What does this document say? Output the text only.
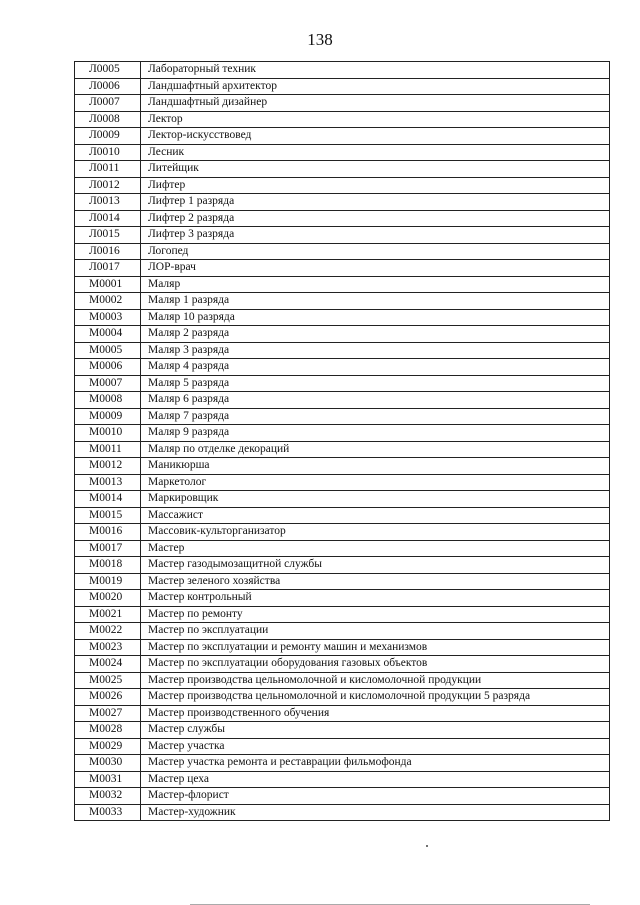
138
Л0005	Лабораторный техник
Л0006	Ландшафтный архитектор
Л0007	Ландшафтный дизайнер
Л0008	Лектор
Л0009	Лектор-искусствовед
Л0010	Лесник
Л0011	Литейщик
Л0012	Лифтер
Л0013	Лифтер 1 разряда
Л0014	Лифтер 2 разряда
Л0015	Лифтер 3 разряда
Л0016	Логопед
Л0017	ЛОР-врач
М0001	Маляр
М0002	Маляр 1 разряда
М0003	Маляр 10 разряда
М0004	Маляр 2 разряда
М0005	Маляр 3 разряда
М0006	Маляр 4 разряда
М0007	Маляр 5 разряда
М0008	Маляр 6 разряда
М0009	Маляр 7 разряда
М0010	Маляр 9 разряда
М0011	Маляр по отделке декораций
М0012	Маникюрша
М0013	Маркетолог
М0014	Маркировщик
М0015	Массажист
М0016	Массовик-культорганизатор
М0017	Мастер
М0018	Мастер газодымозащитной службы
М0019	Мастер зеленого хозяйства
М0020	Мастер контрольный
М0021	Мастер по ремонту
М0022	Мастер по эксплуатации
М0023	Мастер по эксплуатации и ремонту машин и механизмов
М0024	Мастер по эксплуатации оборудования газовых объектов
М0025	Мастер производства цельномолочной и кисломолочной продукции
М0026	Мастер производства цельномолочной и кисломолочной продукции 5 разряда
М0027	Мастер производственного обучения
М0028	Мастер службы
М0029	Мастер участка
М0030	Мастер участка ремонта и реставрации фильмофонда
М0031	Мастер цеха
М0032	Мастер-флорист
М0033	Мастер-художник
